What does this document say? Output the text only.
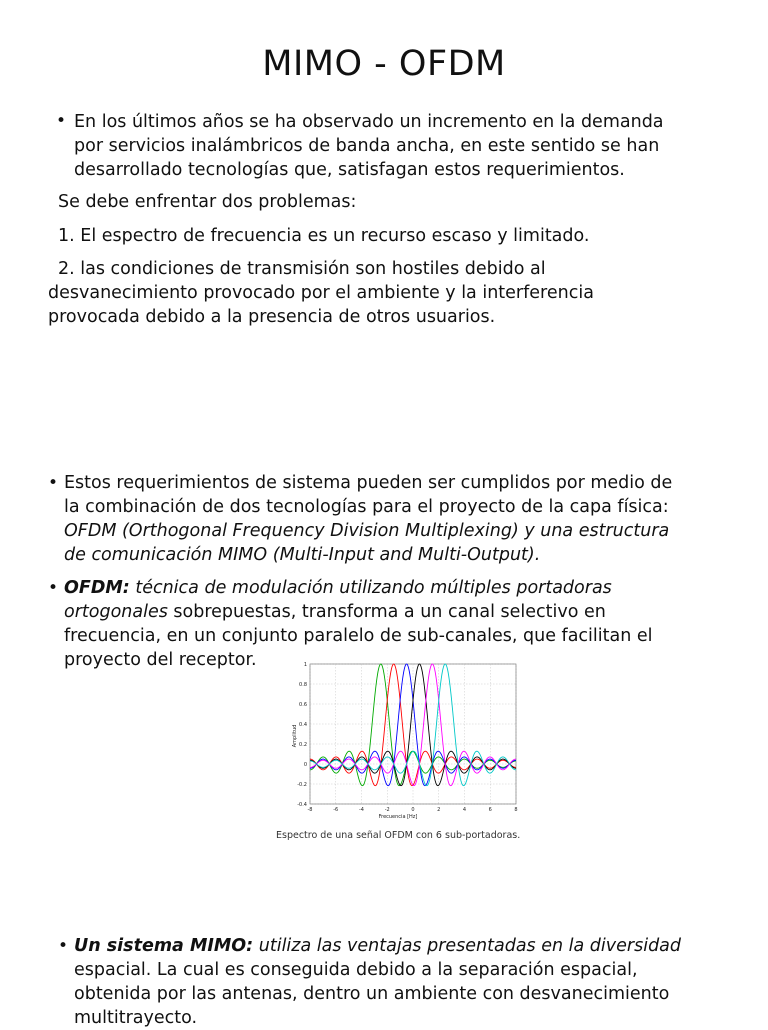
MIMO - OFDM
• En los últimos años se ha observado un incremento en la demanda
por servicios inalámbricos de banda ancha, en este sentido se han
desarrollado tecnologías que, satisfagan estos requerimientos.
Se debe enfrentar dos problemas:
1. El espectro de frecuencia es un recurso escaso y limitado.
2. las condiciones de transmisión son hostiles debido al
desvanecimiento provocado por el ambiente y la interferencia
provocada debido a la presencia de otros usuarios.
• Estos requerimientos de sistema pueden ser cumplidos por medio de
la combinación de dos tecnologías para el proyecto de la capa física:
OFDM (Orthogonal Frequency Division Multiplexing) y una estructura
de comunicación MIMO (Multi-Input and Multi-Output).
• OFDM: técnica de modulación utilizando múltiples portadoras
ortogonales sobrepuestas, transforma a un canal selectivo en
frecuencia, en un conjunto paralelo de sub-canales, que facilitan el
proyecto del receptor.
-8	-6	-4	-2	0	2	4	6	8
1
0.8
0.6
0.4
0.2
0
-0.2
-0.4
Frecuencia [Hz]
Amplitud
Espectro de una señal OFDM con 6 sub-portadoras.
• Un sistema MIMO: utiliza las ventajas presentadas en la diversidad
espacial. La cual es conseguida debido a la separación espacial,
obtenida por las antenas, dentro un ambiente con desvanecimiento
multitrayecto.
